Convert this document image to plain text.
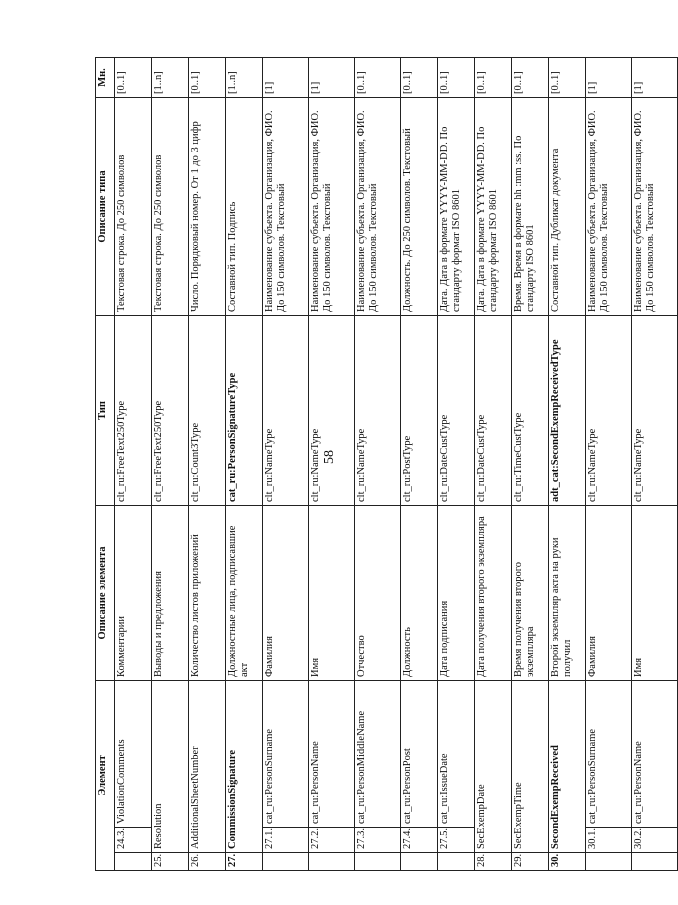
58
Элемент			Описание элемента	Тип	Описание типа	Мн.
	24.3.	ViolationComments	Комментарии	clt_ru:FreeText250Type	Текстовая строка. До 250 символов	[0..1]
25.	Resolution		Выводы и предложения	clt_ru:FreeText250Type	Текстовая строка. До 250 символов	[1..n]
26.	AdditionalSheetNumber		Количество листов приложений	clt_ru:Count3Type	Число. Порядковый номер. От 1 до 3 цифр	[0..1]
27.	CommissionSignature		Должностные лица, подписавшие акт	cat_ru:PersonSignatureType	Составной тип. Подпись	[1..n]
	27.1.	cat_ru:PersonSurname	Фамилия	clt_ru:NameType	Наименование субъекта. Организация, ФИО. До 150 символов. Текстовый	[1]
	27.2.	cat_ru:PersonName	Имя	clt_ru:NameType	Наименование субъекта. Организация, ФИО. До 150 символов. Текстовый	[1]
	27.3.	cat_ru:PersonMiddleName	Отчество	clt_ru:NameType	Наименование субъекта. Организация, ФИО. До 150 символов. Текстовый	[0..1]
	27.4.	cat_ru:PersonPost	Должность	clt_ru:PostType	Должность. До 250 символов. Текстовый	[0..1]
	27.5.	cat_ru:IssueDate	Дата подписания	clt_ru:DateCustType	Дата. Дата в формате YYYY-MM-DD. По стандарту формат ISO 8601	[0..1]
28.	SecExempDate		Дата получения второго экземпляра	clt_ru:DateCustType	Дата. Дата в формате YYYY-MM-DD. По стандарту формат ISO 8601	[0..1]
29.	SecExempTime		Время получения второго экземпляра	clt_ru:TimeCustType	Время. Время в формате hh :mm :ss. По стандарту ISO 8601	[0..1]
30.	SecondExempReceived		Второй экземпляр акта на руки получил	adt_cat:SecondExempReceivedType	Составной тип. Дубликат документа	[0..1]
	30.1.	cat_ru:PersonSurname	Фамилия	clt_ru:NameType	Наименование субъекта. Организация, ФИО. До 150 символов. Текстовый	[1]
	30.2.	cat_ru:PersonName	Имя	clt_ru:NameType	Наименование субъекта. Организация, ФИО. До 150 символов. Текстовый	[1]
